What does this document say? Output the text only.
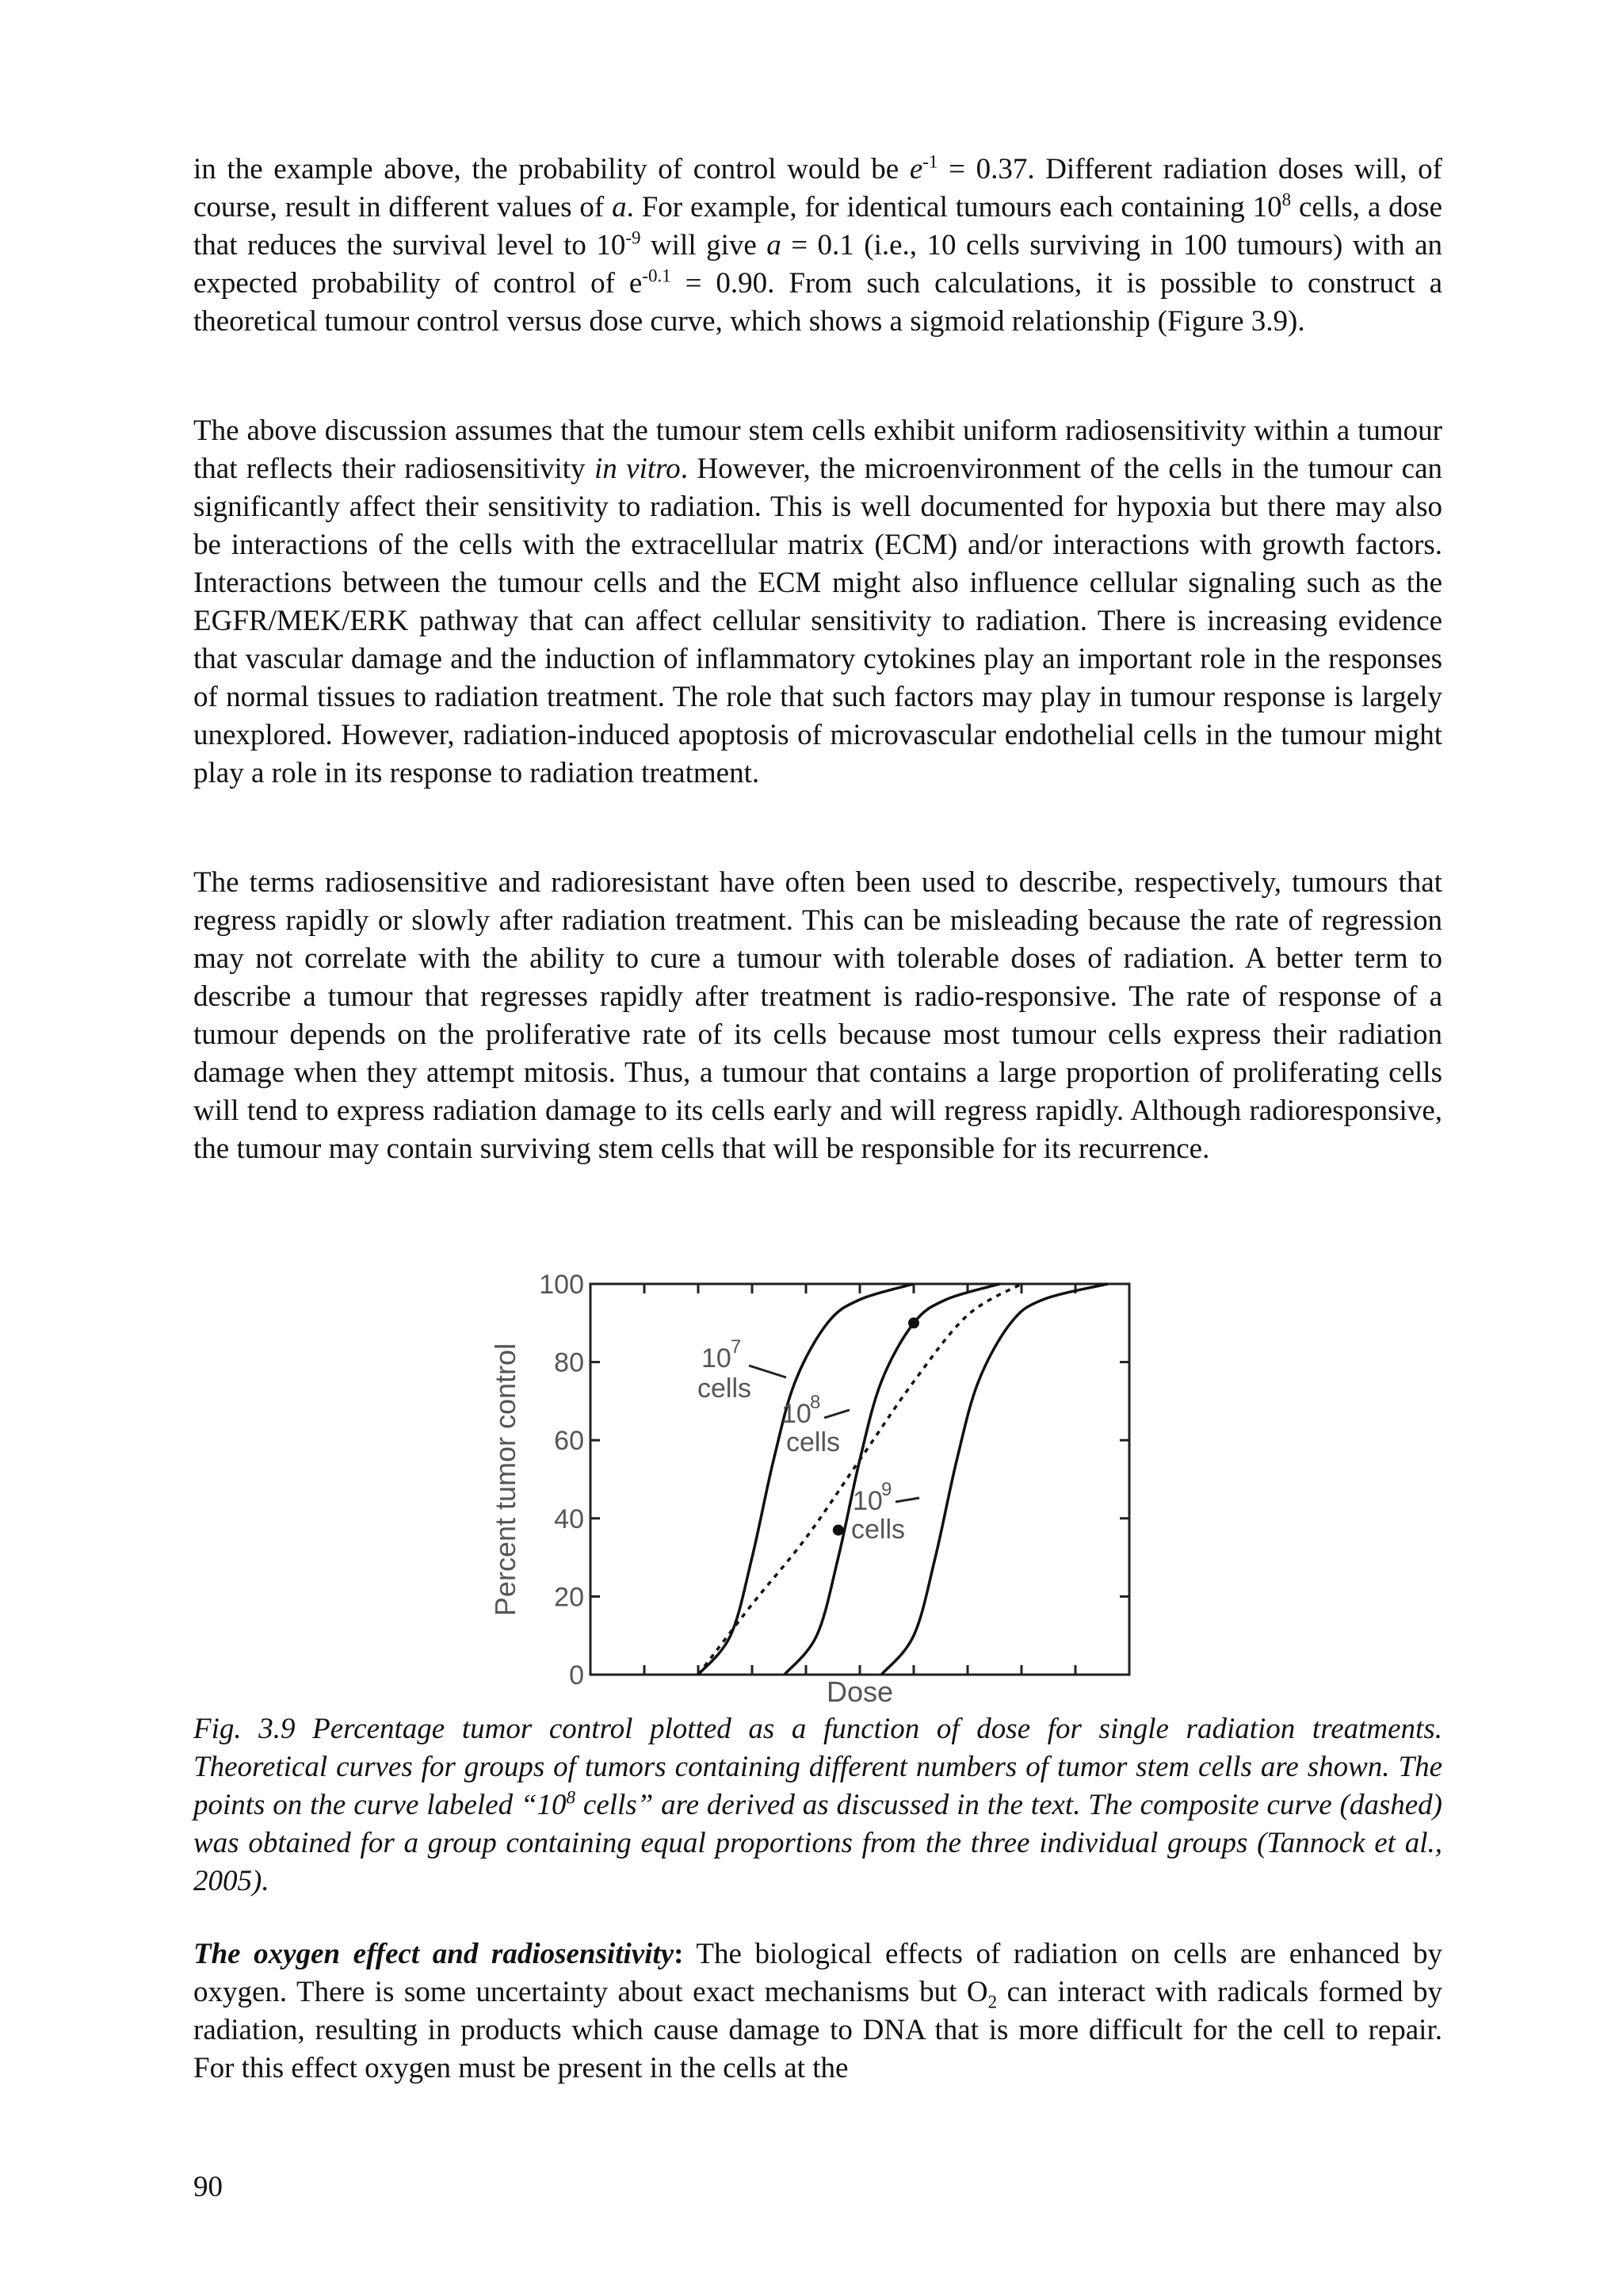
in the example above, the probability of control would be $e^{-1} = 0.37$. Different radiation doses will, of course, result in different values of a. For example, for identical tumours each containing $10^8$ cells, a dose that reduces the survival level to $10^{-9}$ will give a = 0.1 (i.e., 10 cells surviving in 100 tumours) with an expected probability of control of $e^{-0.1} = 0.90$. From such calculations, it is possible to construct a theoretical tumour control versus dose curve, which shows a sigmoid relationship (Figure 3.9).

The above discussion assumes that the tumour stem cells exhibit uniform radiosensitivity within a tumour that reflects their radiosensitivity in vitro. However, the microenvironment of the cells in the tumour can significantly affect their sensitivity to radiation. This is well documented for hypoxia but there may also be interactions of the cells with the extracellular matrix (ECM) and/or interactions with growth factors. Interactions between the tumour cells and the ECM might also influence cellular signaling such as the EGFR/MEK/ERK pathway that can affect cellular sensitivity to radiation. There is increasing evidence that vascular damage and the induction of inflammatory cytokines play an important role in the responses of normal tissues to radiation treatment. The role that such factors may play in tumour response is largely unexplored. However, radiation-induced apoptosis of microvascular endothelial cells in the tumour might play a role in its response to radiation treatment.

The terms radiosensitive and radioresistant have often been used to describe, respectively, tumours that regress rapidly or slowly after radiation treatment. This can be misleading because the rate of regression may not correlate with the ability to cure a tumour with tolerable doses of radiation. A better term to describe a tumour that regresses rapidly after treatment is radio-responsive. The rate of response of a tumour depends on the proliferative rate of its cells because most tumour cells express their radiation damage when they attempt mitosis. Thus, a tumour that contains a large proportion of proliferating cells will tend to express radiation damage to its cells early and will regress rapidly. Although radioresponsive, the tumour may contain surviving stem cells that will be responsible for its recurrence.

0
20
40
60
80
100
10 7
cells
10
8
cells
10
9
cells
Dose
Percent tumor control

Fig. 3.9 Percentage tumor control plotted as a function of dose for single radiation treatments. Theoretical curves for groups of tumors containing different numbers of tumor stem cells are shown. The points on the curve labeled “$10^8$ cells” are derived as discussed in the text. The composite curve (dashed) was obtained for a group containing equal proportions from the three individual groups (Tannock et al., 2005).

The oxygen effect and radiosensitivity: The biological effects of radiation on cells are enhanced by oxygen. There is some uncertainty about exact mechanisms but $O_2$ can interact with radicals formed by radiation, resulting in products which cause damage to DNA that is more difficult for the cell to repair. For this effect oxygen must be present in the cells at the

90
